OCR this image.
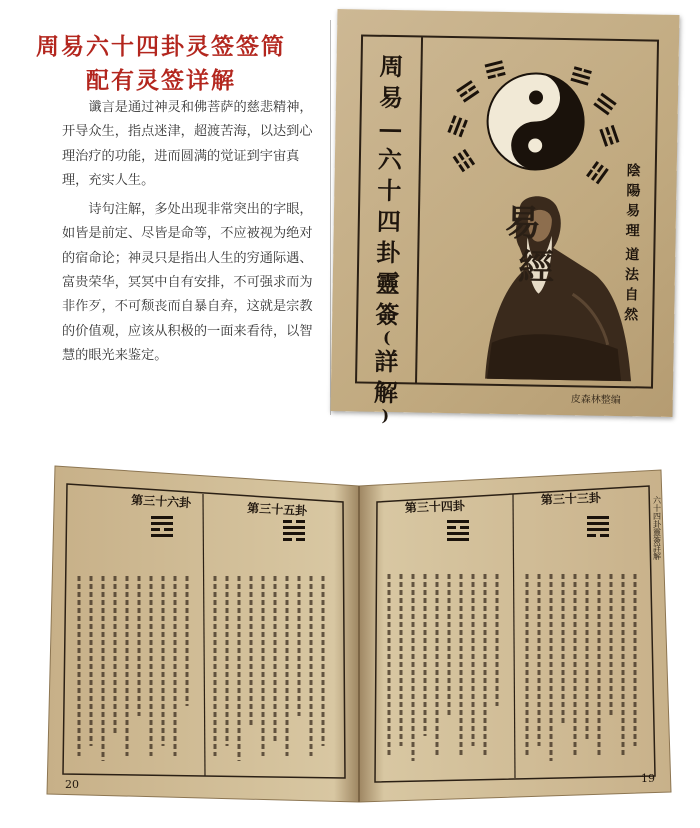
周易六十四卦灵签签筒
配有灵签详解

谶言是通过神灵和佛菩萨的慈悲精神，开导众生，指点迷津，超渡苦海，以达到心理治疗的功能，进而圆满的觉证到宇宙真理，充实人生。

诗句注解，多处出现非常突出的字眼，如皆是前定、尽皆是命等，不应被视为绝对的宿命论；神灵只是指出人生的穷通际遇、富贵荣华，冥冥中自有安排，不可强求而为非作歹，不可颓丧而自暴自弃，这就是宗教的价值观，应该从积极的一面来看待，以智慧的眼光来鉴定。

周
易
—
六
十
四
卦
靈
簽
(
詳
解
)
陰
陽
易
理
道
法
自
然
易
經
皮森林整编
第三十六卦	第三十五卦	第三十四卦	第三十三卦	六十四卦靈簽詳解
20	19
